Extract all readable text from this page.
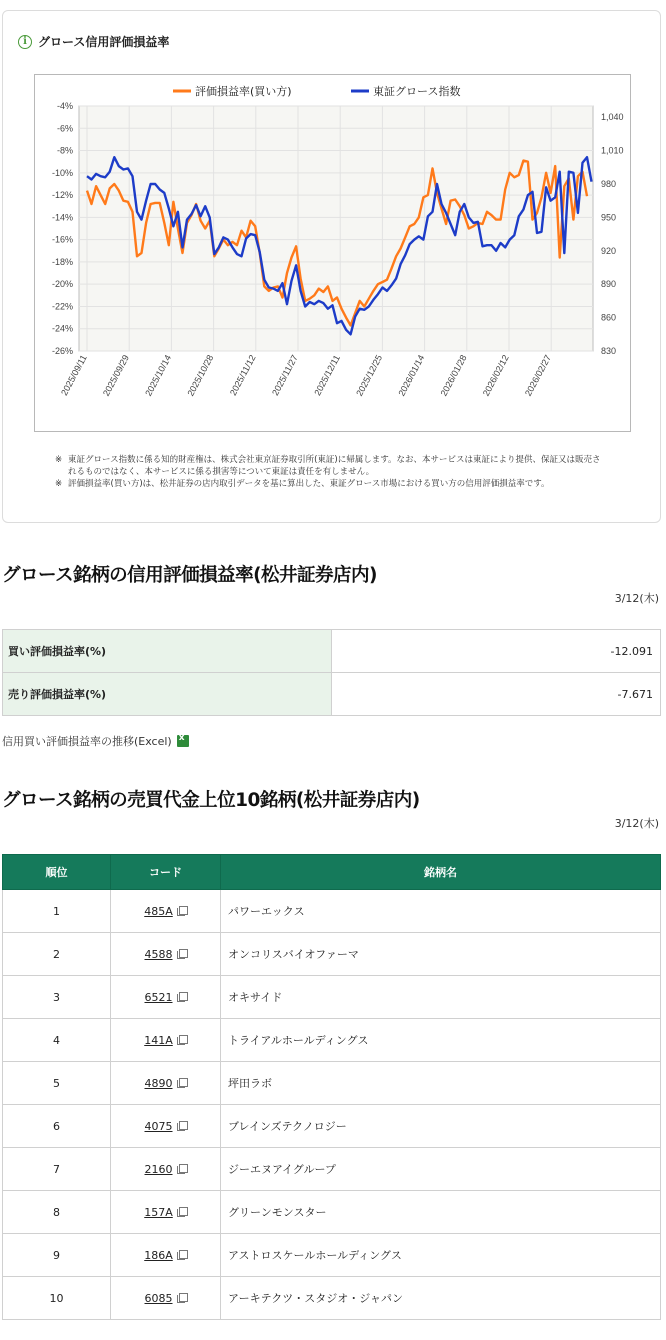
i グロース信用評価損益率
-4%
-6%
-8%
-10%
-12%
-14%
-16%
-18%
-20%
-22%
-24%
-26%
1,040
1,010
980
950
920
890
860
830
2025/09/11 2025/09/29 2025/10/14 2025/10/28 2025/11/12 2025/11/27 2025/12/11 2025/12/25 2026/01/14 2026/01/28 2026/02/12 2026/02/27
評価損益率(買い方)	東証グロース指数
※ 東証グロース指数に係る知的財産権は、株式会社東京証券取引所(東証)に帰属します。なお、本サービスは東証により提供、保証又は販売されるものではなく、本サービスに係る損害等について東証は責任を有しません。
※ 評価損益率(買い方)は、松井証券の店内取引データを基に算出した、東証グロース市場における買い方の信用評価損益率です。
グロース銘柄の信用評価損益率(松井証券店内)
3/12(木)
買い評価損益率(%)	-12.091
売り評価損益率(%)	-7.671
信用買い評価損益率の推移(Excel)
x
グロース銘柄の売買代金上位10銘柄(松井証券店内)
3/12(木)
順位	コード	銘柄名
1	485A	パワーエックス
2	4588	オンコリスバイオファーマ
3	6521	オキサイド
4	141A	トライアルホールディングス
5	4890	坪田ラボ
6	4075	ブレインズテクノロジー
7	2160	ジーエヌアイグループ
8	157A	グリーンモンスター
9	186A	アストロスケールホールディングス
10	6085	アーキテクツ・スタジオ・ジャパン
